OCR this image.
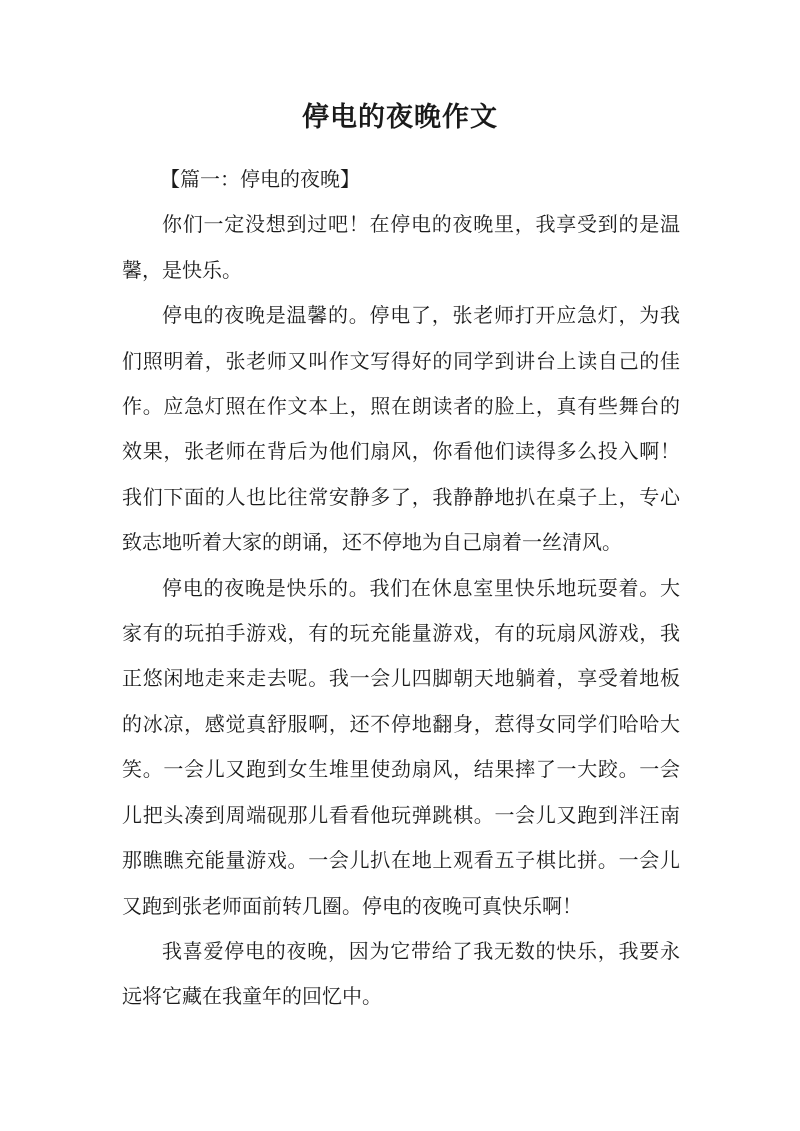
停电的夜晚作文

【篇一：停电的夜晚】

你们一定没想到过吧！在停电的夜晚里，我享受到的是温馨，是快乐。

停电的夜晚是温馨的。停电了，张老师打开应急灯，为我们照明着，张老师又叫作文写得好的同学到讲台上读自己的佳作。应急灯照在作文本上，照在朗读者的脸上，真有些舞台的效果，张老师在背后为他们扇风，你看他们读得多么投入啊！我们下面的人也比往常安静多了，我静静地扒在桌子上，专心致志地听着大家的朗诵，还不停地为自己扇着一丝清风。

停电的夜晚是快乐的。我们在休息室里快乐地玩耍着。大家有的玩拍手游戏，有的玩充能量游戏，有的玩扇风游戏，我正悠闲地走来走去呢。我一会儿四脚朝天地躺着，享受着地板的冰凉，感觉真舒服啊，还不停地翻身，惹得女同学们哈哈大笑。一会儿又跑到女生堆里使劲扇风，结果摔了一大跤。一会儿把头凑到周端砚那儿看看他玩弹跳棋。一会儿又跑到泮汪南那瞧瞧充能量游戏。一会儿扒在地上观看五子棋比拼。一会儿又跑到张老师面前转几圈。停电的夜晚可真快乐啊！

我喜爱停电的夜晚，因为它带给了我无数的快乐，我要永远将它藏在我童年的回忆中。
